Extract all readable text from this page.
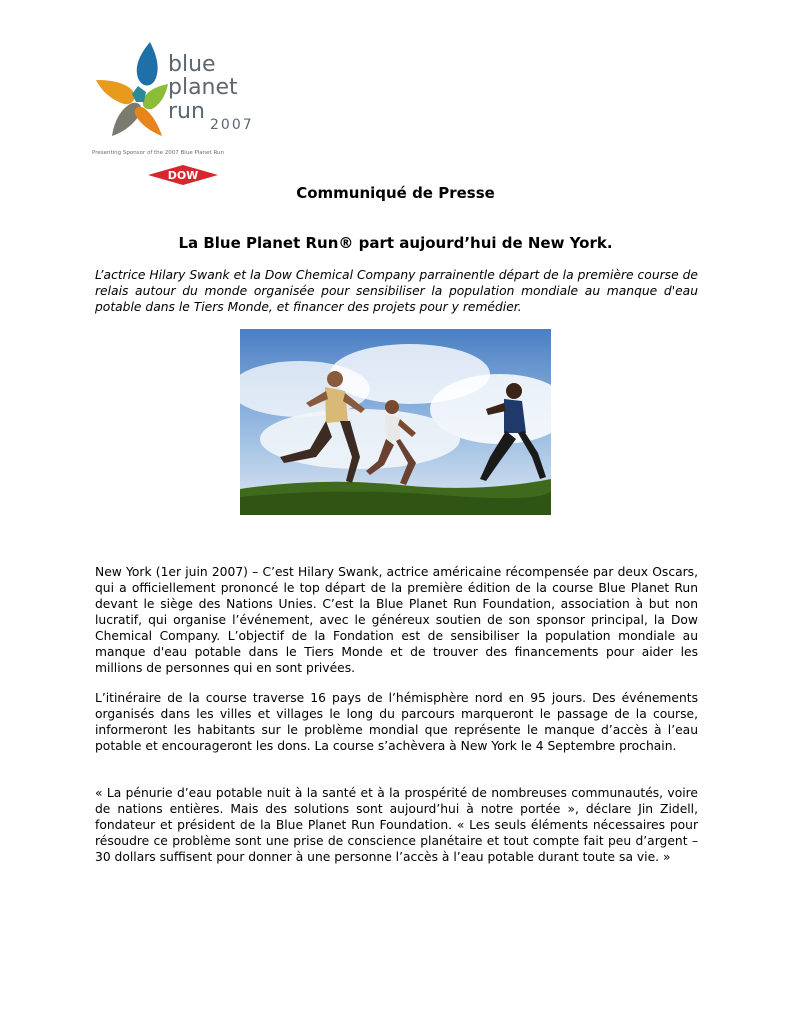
blue
planet
run
2007
Presenting Sponsor of the 2007 Blue Planet Run
DOW
Communiqué de Presse
La Blue Planet Run® part aujourd’hui de New York.
L’actrice Hilary Swank et la Dow Chemical Company parrainentle départ de la première course de relais autour du monde organisée pour sensibiliser la population mondiale au manque d'eau potable dans le Tiers Monde, et financer des projets pour y remédier.

New York (1er juin 2007) – C’est Hilary Swank, actrice américaine récompensée par deux Oscars, qui a officiellement prononcé le top départ de la première édition de la course Blue Planet Run devant le siège des Nations Unies. C’est la Blue Planet Run Foundation, association à but non lucratif, qui organise l’événement, avec le généreux soutien de son sponsor principal, la Dow Chemical Company. L’objectif de la Fondation est de sensibiliser la population mondiale au manque d'eau potable dans le Tiers Monde et de trouver des financements pour aider les millions de personnes qui en sont privées.

L’itinéraire de la course traverse 16 pays de l’hémisphère nord en 95 jours. Des événements organisés dans les villes et villages le long du parcours marqueront le passage de la course, informeront les habitants sur le problème mondial que représente le manque d’accès à l’eau potable et encourageront les dons. La course s’achèvera à New York le 4 Septembre prochain.

« La pénurie d’eau potable nuit à la santé et à la prospérité de nombreuses communautés, voire de nations entières. Mais des solutions sont aujourd’hui à notre portée », déclare Jin Zidell, fondateur et président de la Blue Planet Run Foundation. « Les seuls éléments nécessaires pour résoudre ce problème sont une prise de conscience planétaire et tout compte fait peu d’argent – 30 dollars suffisent pour donner à une personne l’accès à l’eau potable durant toute sa vie. »
